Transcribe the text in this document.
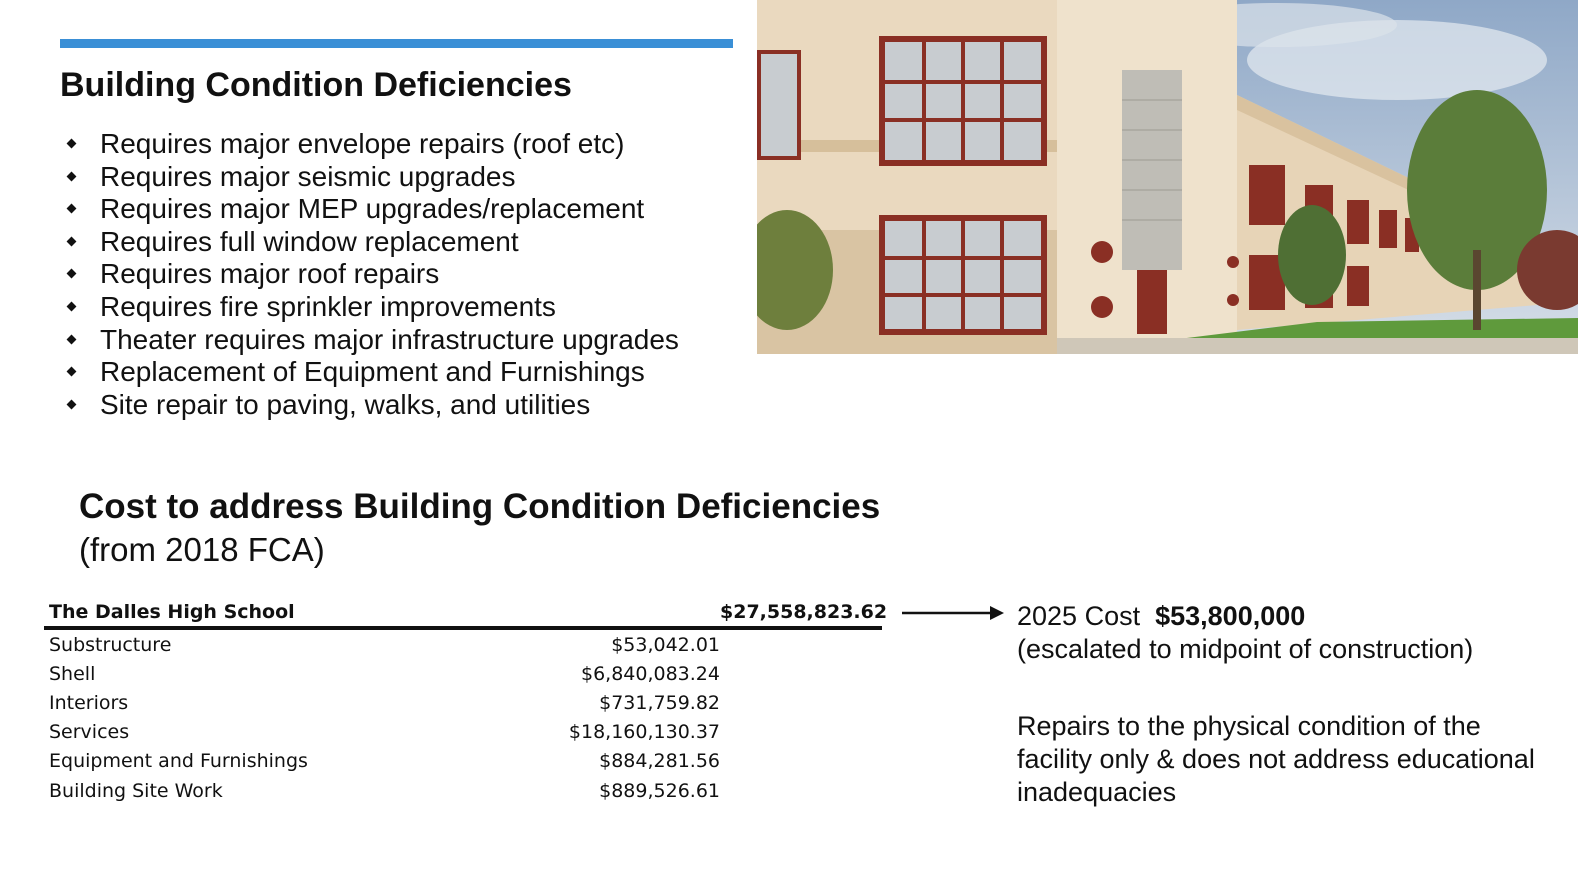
Building Condition Deficiencies
Requires major envelope repairs (roof etc)
Requires major seismic upgrades
Requires major MEP upgrades/replacement
Requires full window replacement
Requires major roof repairs
Requires fire sprinkler improvements
Theater requires major infrastructure upgrades
Replacement of Equipment and Furnishings
Site repair to paving, walks, and utilities
Cost to address Building Condition Deficiencies
(from 2018 FCA)
The Dalles High School	$27,558,823.62
Substructure	$53,042.01
Shell	$6,840,083.24
Interiors	$731,759.82
Services	$18,160,130.37
Equipment and Furnishings	$884,281.56
Building Site Work	$889,526.61
2025 Cost $53,800,000
(escalated to midpoint of construction)
Repairs to the physical condition of the facility only & does not address educational inadequacies
